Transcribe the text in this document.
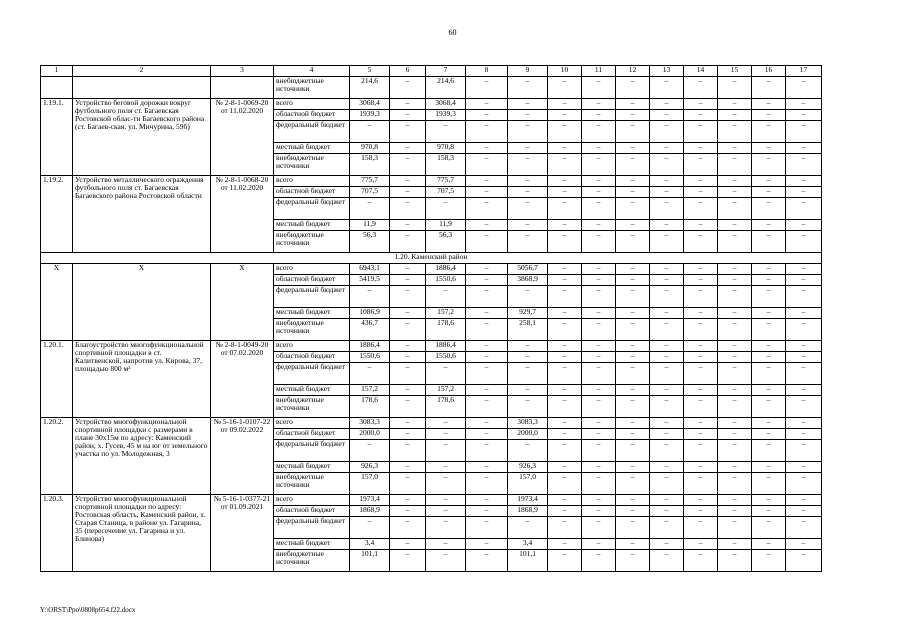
60
1	2	3	4	5	6	7	8	9	10	11	12	13	14	15	16	17
			внебюджетные источники	214,6	–	214,6	–	–	–	–	–	–	–	–	–	–
1.19.1.	Устройство беговой дорожки вокруг футбольного поля ст. Багаевская Ростовской облас-ти Багаевского района (ст. Багаев-ская, ул. Мичурина, 59б)	№ 2-8-1-0069-20 от 11.02.2020	всего	3068,4	–	3068,4	–	–	–	–	–	–	–	–	–	–
			областной бюджет	1939,3	–	1939,3	–	–	–	–	–	–	–	–	–	–
			федеральный бюджет	–	–	–	–	–	–	–	–	–	–	–	–	–
			местный бюджет	970,8	–	970,8	–	–	–	–	–	–	–	–	–	–
			внебюджетные источники	158,3	–	158,3	–	–	–	–	–	–	–	–	–	–
1.19.2.	Устройство металлического ограждения футбольного поля ст. Багаевская Багаевского района Ростовской области	№ 2-8-1-0068-20 от 11.02.2020	всего	775,7	–	775,7	–	–	–	–	–	–	–	–	–	–
			областной бюджет	707,5	–	707,5	–	–	–	–	–	–	–	–	–	–
			федеральный бюджет	–	–	–	–	–	–	–	–	–	–	–	–	–
			местный бюджет	11,9	–	11,9	–	–	–	–	–	–	–	–	–	–
			внебюджетные источники	56,3	–	56,3	–	–	–	–	–	–	–	–	–	–
1.20. Каменский район																
X	X	X	всего	6943,1	–	1886,4	–	5056,7	–	–	–	–	–	–	–	–
			областной бюджет	5419,5	–	1550,6	–	3868,9	–	–	–	–	–	–	–	–
			федеральный бюджет	–	–	–	–	–	–	–	–	–	–	–	–	–
			местный бюджет	1086,9	–	157,2	–	929,7	–	–	–	–	–	–	–	–
			внебюджетные источники	436,7	–	178,6	–	258,1	–	–	–	–	–	–	–	–
1.20.1.	Благоустройство многофункциональной спортивной площадки в ст. Калитвенской, напротив ул. Кирова, 37, площадью 800 м²	№ 2-8-1-0049-20 от 07.02.2020	всего	1886,4	–	1886,4	–	–	–	–	–	–	–	–	–	–
			областной бюджет	1550,6	–	1550,6	–	–	–	–	–	–	–	–	–	–
			федеральный бюджет	–	–	–	–	–	–	–	–	–	–	–	–	–
			местный бюджет	157,2	–	157,2	–	–	–	–	–	–	–	–	–	–
			внебюджетные источники	178,6	–	178,6	–	–	–	–	–	–	–	–	–	–
1.20.2.	Устройство многофункциональной спортивной площадки с размерами в плане 30x15м по адресу: Каменский район, х. Гусев, 45 м на юг от земельного участка по ул. Молодежная, 3	№ 5-16-1-0107-22 от 09.02.2022	всего	3083,3	–	–	–	3083,3	–	–	–	–	–	–	–	–
			областной бюджет	2000,0	–	–	–	2000,0	–	–	–	–	–	–	–	–
			федеральный бюджет	–	–	–	–	–	–	–	–	–	–	–	–	–
			местный бюджет	926,3	–	–	–	926,3	–	–	–	–	–	–	–	–
			внебюджетные источники	157,0	–	–	–	157,0	–	–	–	–	–	–	–	–
1.20.3.	Устройство многофункциональной спортивной площадки по адресу: Ростовская область, Каменский район, х. Старая Станица, в районе ул. Гагарина, 35 (пересечение ул. Гагарина и ул. Блинова)	№ 5-16-1-0377-21 от 01.09.2021	всего	1973,4	–	–	–	1973,4	–	–	–	–	–	–	–	–
			областной бюджет	1868,9	–	–	–	1868,9	–	–	–	–	–	–	–	–
			федеральный бюджет	–	–	–	–	–	–	–	–	–	–	–	–	–
			местный бюджет	3,4	–	–	–	3,4	–	–	–	–	–	–	–	–
			внебюджетные источники	101,1	–	–	–	101,1	–	–	–	–	–	–	–	–
Y:\ORST\Ppo\0808p654.f22.docx
